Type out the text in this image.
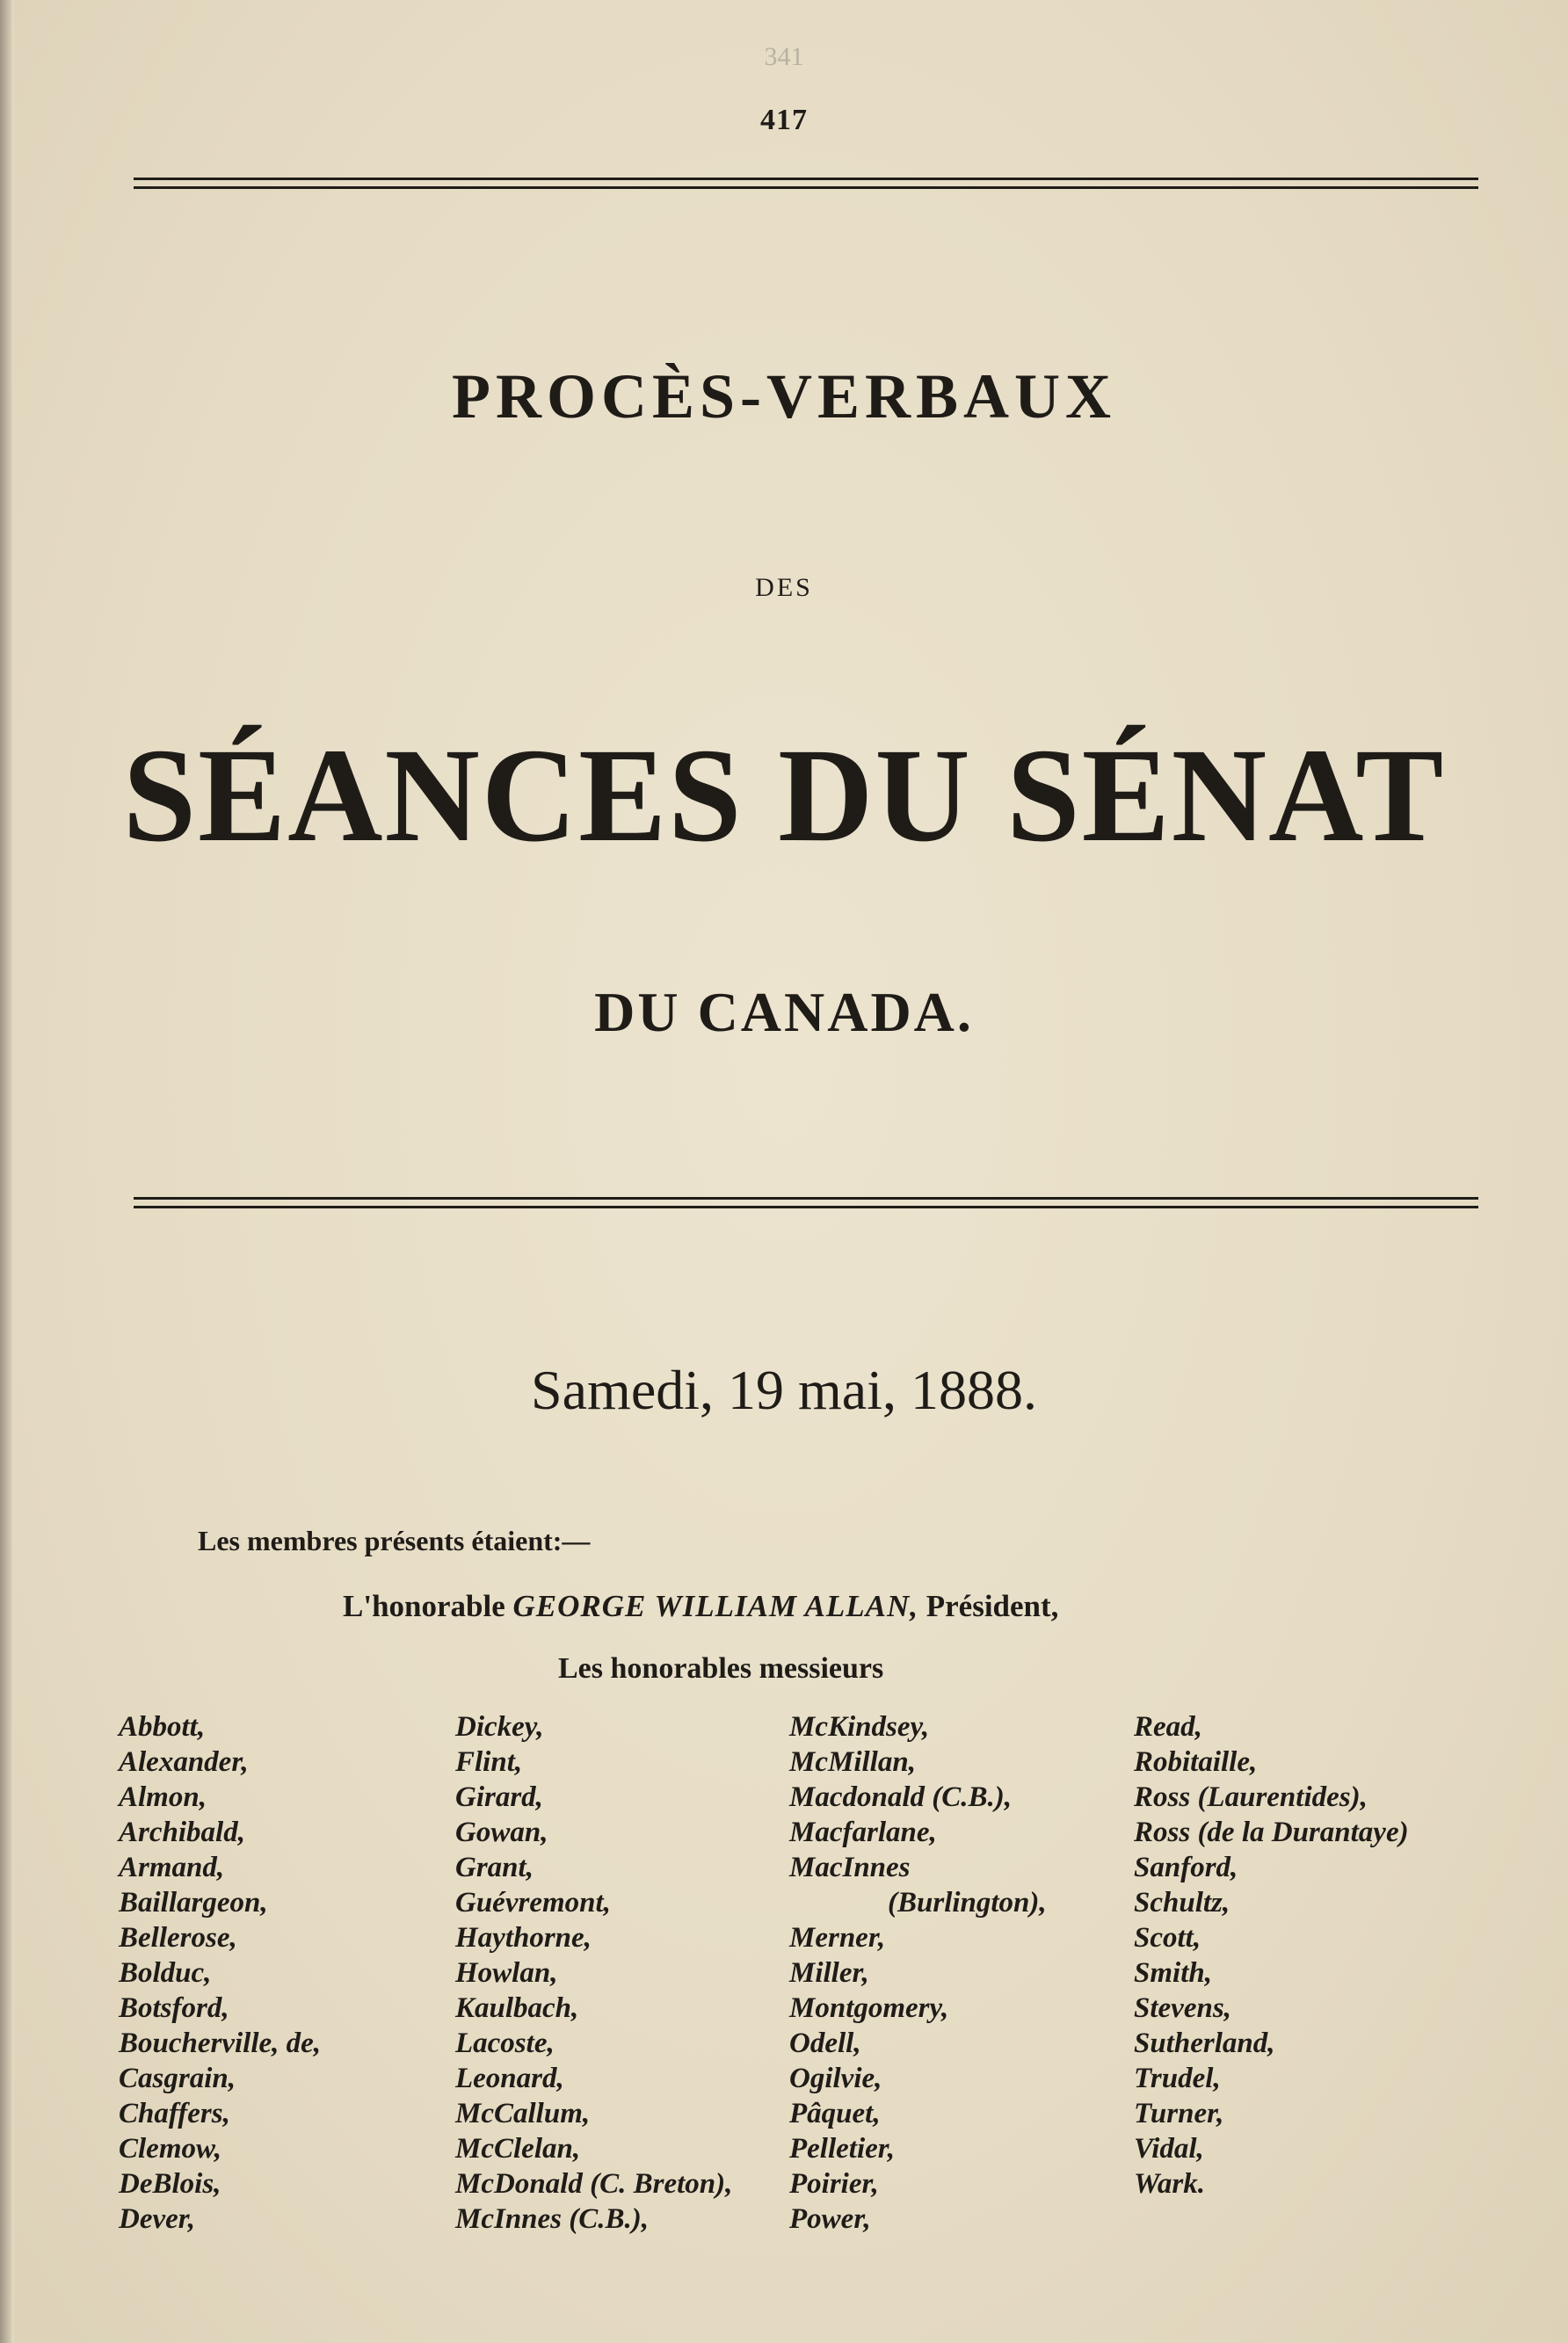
341
417
PROCÈS-VERBAUX
DES
SÉANCES DU SÉNAT
DU CANADA.
Samedi, 19 mai, 1888.
Les membres présents étaient:—
L'honorable GEORGE WILLIAM ALLAN, Président,
Les honorables messieurs
Abbott,
Alexander,
Almon,
Archibald,
Armand,
Baillargeon,
Bellerose,
Bolduc,
Botsford,
Boucherville, de,
Casgrain,
Chaffers,
Clemow,
DeBlois,
Dever,
Dickey,
Flint,
Girard,
Gowan,
Grant,
Guévremont,
Haythorne,
Howlan,
Kaulbach,
Lacoste,
Leonard,
McCallum,
McClelan,
McDonald (C. Breton),
McInnes (C.B.),
McKindsey,
McMillan,
Macdonald (C.B.),
Macfarlane,
MacInnes
(Burlington),
Merner,
Miller,
Montgomery,
Odell,
Ogilvie,
Pâquet,
Pelletier,
Poirier,
Power,
Read,
Robitaille,
Ross (Laurentides),
Ross (de la Durantaye)
Sanford,
Schultz,
Scott,
Smith,
Stevens,
Sutherland,
Trudel,
Turner,
Vidal,
Wark.
